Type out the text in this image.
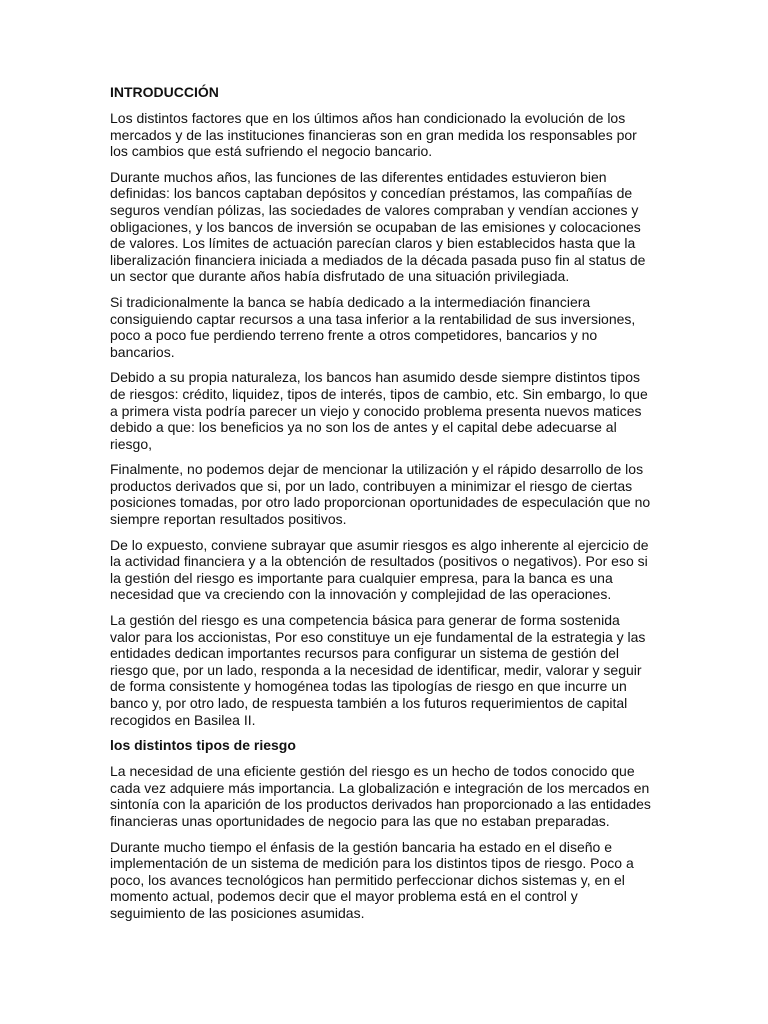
INTRODUCCIÓN

Los distintos factores que en los últimos años han condicionado la evolución de los
mercados y de las instituciones financieras son en gran medida los responsables por
los cambios que está sufriendo el negocio bancario.

Durante muchos años, las funciones de las diferentes entidades estuvieron bien
definidas: los bancos captaban depósitos y concedían préstamos, las compañías de
seguros vendían pólizas, las sociedades de valores compraban y vendían acciones y
obligaciones, y los bancos de inversión se ocupaban de las emisiones y colocaciones
de valores. Los límites de actuación parecían claros y bien establecidos hasta que la
liberalización financiera iniciada a mediados de la década pasada puso fin al status de
un sector que durante años había disfrutado de una situación privilegiada.

Si tradicionalmente la banca se había dedicado a la intermediación financiera
consiguiendo captar recursos a una tasa inferior a la rentabilidad de sus inversiones,
poco a poco fue perdiendo terreno frente a otros competidores, bancarios y no
bancarios.

Debido a su propia naturaleza, los bancos han asumido desde siempre distintos tipos
de riesgos: crédito, liquidez, tipos de interés, tipos de cambio, etc. Sin embargo, lo que
a primera vista podría parecer un viejo y conocido problema presenta nuevos matices
debido a que: los beneficios ya no son los de antes y el capital debe adecuarse al
riesgo,

Finalmente, no podemos dejar de mencionar la utilización y el rápido desarrollo de los
productos derivados que si, por un lado, contribuyen a minimizar el riesgo de ciertas
posiciones tomadas, por otro lado proporcionan oportunidades de especulación que no
siempre reportan resultados positivos.

De lo expuesto, conviene subrayar que asumir riesgos es algo inherente al ejercicio de
la actividad financiera y a la obtención de resultados (positivos o negativos). Por eso si
la gestión del riesgo es importante para cualquier empresa, para la banca es una
necesidad que va creciendo con la innovación y complejidad de las operaciones.

La gestión del riesgo es una competencia básica para generar de forma sostenida
valor para los accionistas, Por eso constituye un eje fundamental de la estrategia y las
entidades dedican importantes recursos para configurar un sistema de gestión del
riesgo que, por un lado, responda a la necesidad de identificar, medir, valorar y seguir
de forma consistente y homogénea todas las tipologías de riesgo en que incurre un
banco y, por otro lado, de respuesta también a los futuros requerimientos de capital
recogidos en Basilea II.

los distintos tipos de riesgo

La necesidad de una eficiente gestión del riesgo es un hecho de todos conocido que
cada vez adquiere más importancia. La globalización e integración de los mercados en
sintonía con la aparición de los productos derivados han proporcionado a las entidades
financieras unas oportunidades de negocio para las que no estaban preparadas.

Durante mucho tiempo el énfasis de la gestión bancaria ha estado en el diseño e
implementación de un sistema de medición para los distintos tipos de riesgo. Poco a
poco, los avances tecnológicos han permitido perfeccionar dichos sistemas y, en el
momento actual, podemos decir que el mayor problema está en el control y
seguimiento de las posiciones asumidas.
